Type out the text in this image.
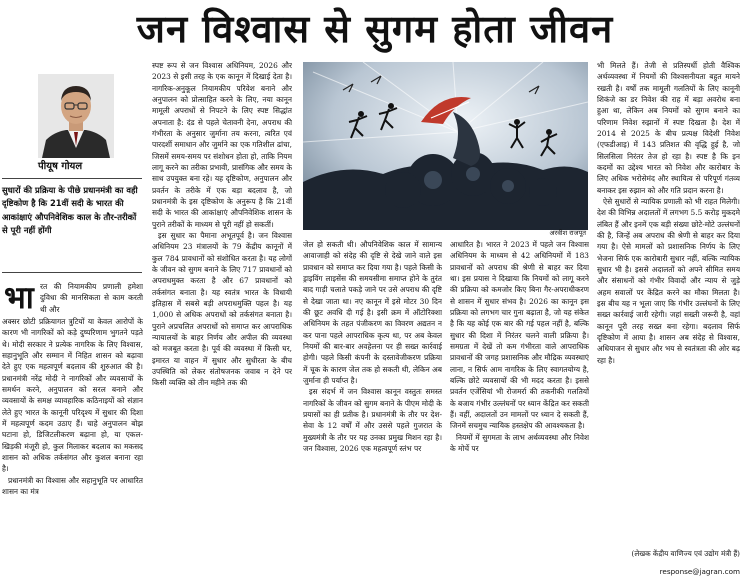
जन विश्वास से सुगम होता जीवन
पीयूष गोयल
सुधारों की प्रक्रिया के पीछे प्रधानमंत्री का वही दृष्टिकोण है कि 21वीं सदी के भारत की आकांक्षाएं औपनिवेशिक काल के तौर-तरीकों से पूरी नहीं होंगी
भा रत की नियामकीय प्रणाली हमेशा दुविधा की मानसिकता से काम करती थी और

अक्सर छोटी प्रक्रियागत त्रुटियों या केवल आरोपों के कारण भी नागरिकों को कड़े दुष्परिणाम भुगतने पड़ते थे। मोदी सरकार ने प्रत्येक नागरिक के लिए विश्वास, सहानुभूति और सम्मान में निहित शासन को बढ़ावा देते हुए एक महत्वपूर्ण बदलाव की शुरुआत की है। प्रधानमंत्री नरेंद्र मोदी ने नागरिकों और व्यवसायों के समर्थन करने, अनुपालन को सरल बनाने और व्यवसायों के समक्ष व्यावहारिक कठिनाइयों को संज्ञान लेते हुए भारत के कानूनी परिदृश्य में सुधार की दिशा में महत्वपूर्ण कदम उठाए हैं। चाहे अनुपालन बोझ घटाना हो, डिजिटलीकरण बढ़ाना हो, या एकल-खिड़की मंजूरी हो, कुल मिलाकर बदलाव का मकसद शासन को अधिक तर्कसंगत और कुशल बनाना रहा है।

प्रधानमंत्री का विश्वास और सहानुभूति पर आधारित शासन का मंत्र

स्पष्ट रूप से जन विश्वास अधिनियम, 2026 और 2023 से इसी तरह के एक कानून में दिखाई देता है। नागरिक-अनुकूल नियामकीय परिवेश बनाने और अनुपालन को प्रोत्साहित करने के लिए, नया कानून मामूली अपराधों से निपटने के लिए स्पष्ट सिद्धांत अपनाता है: दंड से पहले चेतावनी देना, अपराध की गंभीरता के अनुसार जुर्माना तय करना, त्वरित एवं पारदर्शी समाधान और जुर्माने का एक गतिशील ढांचा, जिसमें समय-समय पर संशोधन होता हो, ताकि नियम लागू करने का तरीका प्रभावी, प्रासंगिक और समय के साथ उपयुक्त बना रहे। यह दृष्टिकोण, अनुपालन और प्रवर्तन के तरीके में एक बड़ा बदलाव है, जो प्रधानमंत्री के इस दृष्टिकोण के अनुरूप है कि 21वीं सदी के भारत की आकांक्षाएं औपनिवेशिक शासन के पुराने तरीकों के माध्यम से पूरी नहीं हो सकतीं।

इस सुधार का पैमाना अभूतपूर्व है। जन विश्वास अधिनियम 23 मंत्रालयों के 79 केंद्रीय कानूनों में कुल 784 प्रावधानों को संशोधित करता है। यह लोगों के जीवन को सुगम बनाने के लिए 717 प्रावधानों को अपराधमुक्त करता है और 67 प्रावधानों को तर्कसंगत बनाता है। यह स्वतंत्र भारत के विधायी इतिहास में सबसे बड़ी अपराधमुक्ति पहल है। यह 1,000 से अधिक अपराधों को तर्कसंगत बनाता है। पुराने अप्रचलित अपराधों को समाप्त कर आपराधिक न्यायालयों के बाहर निर्णय और अपील की व्यवस्था को मजबूत करता है। पूर्व की व्यवस्था में किसी घर, इमारत या वाहन में सुधार और सुधीरता के बीच उपस्थिति को लेकर संतोषजनक जवाब न देने पर किसी व्यक्ति को तीन महीने तक की

अरवीश राजपूत

जेल हो सकती थी। औपनिवेशिक काल में सामान्य आवाजाही को संदेह की दृष्टि से देखे जाने वाले इस प्रावधान को समाप्त कर दिया गया है। पहले किसी के ड्राइविंग लाइसेंस की समयसीमा समाप्त होने के तुरंत बाद गाड़ी चलाते पकड़े जाने पर उसे अपराध की दृष्टि से देखा जाता था। नए कानून में इसे मोटर 30 दिन की छूट अवधि दी गई है। इसी क्रम में ऑटोरिक्शा अधिनियम के तहत पंजीकरण का विवरण अद्यतन न कर पाना पहले आपराधिक कृत्य था, पर अब केवल नियमों की बार-बार अवहेलना पर ही सख्त कार्रवाई होगी। पहले किसी कंपनी के दस्तावेजीकरण प्रक्रिया में चूक के कारण जेल तक हो सकती थी, लेकिन अब जुर्माना ही पर्याप्त है।

इस संदर्भ में जन विश्वास कानून वस्तुतः समस्त नागरिकों के जीवन को सुगम बनाने के पीएम मोदी के प्रयासों का ही प्रतीक है। प्रधानमंत्री के तौर पर देश-सेवा के 12 वर्षों में और उससे पहले गुजरात के मुख्यमंत्री के तौर पर यह उनका प्रमुख मिशन रहा है। जन विश्वास, 2026 एक महत्वपूर्ण स्तंभ पर

आधारित है। भारत ने 2023 में पहले जन विश्वास अधिनियम के माध्यम से 42 अधिनियमों में 183 प्रावधानों को अपराध की श्रेणी से बाहर कर दिया था। इस प्रयास ने दिखाया कि नियमों को लागू करने की प्रक्रिया को कमजोर किए बिना गैर-अपराधीकरण से शासन में सुधार संभव है। 2026 का कानून इस प्रक्रिया को लगभग चार गुना बढ़ाता है, जो यह संकेत है कि यह कोई एक बार की गई पहल नहीं है, बल्कि सुधार की दिशा में निरंतर चलने वाली प्रक्रिया है। समग्रता में देखें तो कम गंभीरता वाले आपराधिक प्रावधानों की जगह प्रशासनिक और मौद्रिक व्यवस्थाएं लाना, न सिर्फ आम नागरिक के लिए स्वागतयोग्य है, बल्कि छोटे व्यवसायों की भी मदद करता है। इससे प्रवर्तन एजेंसियां भी रोजमर्रा की तकनीकी गलतियों के बजाय गंभीर उल्लंघनों पर ध्यान केंद्रित कर सकती हैं। वहीं, अदालतों उन मामलों पर ध्यान दे सकती हैं, जिनमें सचमुच न्यायिक हस्तक्षेप की आवश्यकता है।

नियमों में सुगमता के लाभ अर्थव्यवस्था और निवेश के मोर्चे पर

भी मिलते हैं। तेजी से प्रतिस्पर्धी होती वैश्विक अर्थव्यवस्था में नियमों की विश्वसनीयता बहुत मायने रखती है। वर्षों तक मामूली गलतियों के लिए कानूनी शिकंजे का डर निवेश की राह में बड़ा अवरोध बना हुआ था, लेकिन अब नियमों को सुगम बनाने का परिणाम निवेश रुझानों में स्पष्ट दिखता है। देश में 2014 से 2025 के बीच प्रत्यक्ष विदेशी निवेश (एफडीआइ) में 143 प्रतिशत की वृद्धि हुई है, जो सिलसिला निरंतर तेज हो रहा है। स्पष्ट है कि इन कदमों का उद्देश्य भारत को निवेश और कारोबार के लिए अधिक भरोसेमंद और स्थायित्व से परिपूर्ण गंतव्य बनाकर इस रुझान को और गति प्रदान करना है।

ऐसे सुधारों से न्यायिक प्रणाली को भी राहत मिलेगी। देश की विभिन्न अदालतों में लगभग 5.5 करोड़ मुकदमे लंबित हैं और इनमें एक बड़ी संख्या छोटे-मोटे उल्लंघनों की है, जिन्हें अब अपराध की श्रेणी से बाहर कर दिया गया है। ऐसे मामलों को प्रशासनिक निर्णय के लिए भेजना सिर्फ एक कारोबारी सुधार नहीं, बल्कि न्यायिक सुधार भी है। इससे अदालतों को अपने सीमित समय और संसाधनों को गंभीर विवादों और न्याय से जुड़े अहम सवालों पर केंद्रित करने का मौका मिलता है। इस बीच यह न भूला जाए कि गंभीर उल्लंघनों के लिए सख्त कार्रवाई जारी रहेगी। जहां सख्ती जरूरी है, वहां कानून पूरी तरह सख्त बना रहेगा। बदलाव सिर्फ दृष्टिकोण में आया है। शासन अब संदेह से विश्वास, अधियाजन से सुधार और भय से स्वतंत्रता की ओर बढ़ रहा है।

(लेखक केंद्रीय वाणिज्य एवं उद्योग मंत्री हैं)
response@jagran.com
